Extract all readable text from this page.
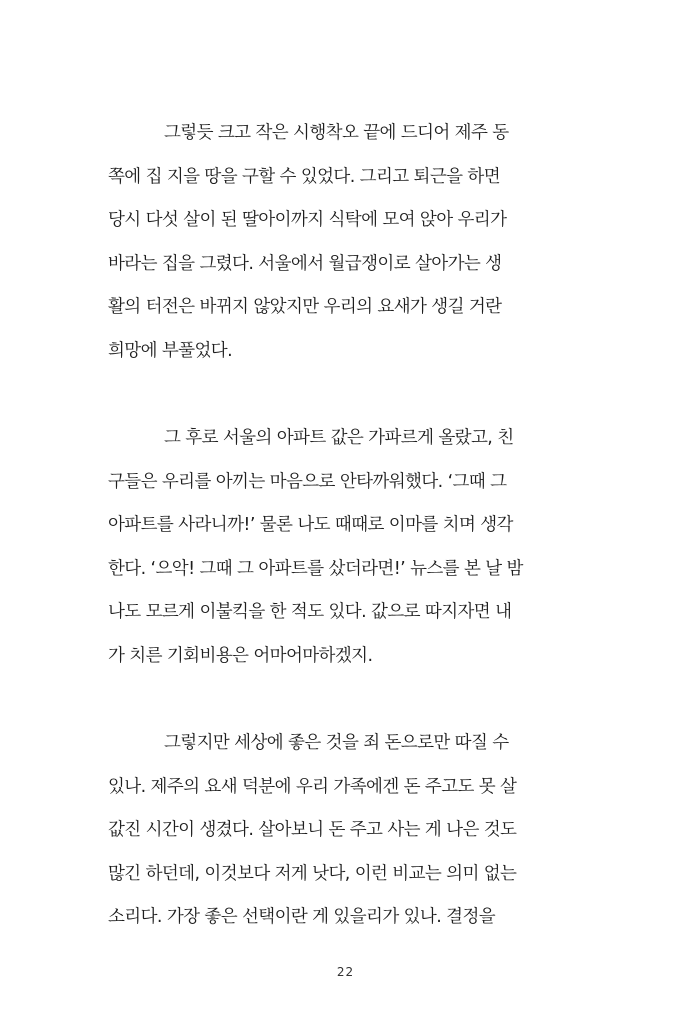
그렇듯 크고 작은 시행착오 끝에 드디어 제주 동
쪽에 집 지을 땅을 구할 수 있었다. 그리고 퇴근을 하면
당시 다섯 살이 된 딸아이까지 식탁에 모여 앉아 우리가
바라는 집을 그렸다. 서울에서 월급쟁이로 살아가는 생
활의 터전은 바뀌지 않았지만 우리의 요새가 생길 거란
희망에 부풀었다.
그 후로 서울의 아파트 값은 가파르게 올랐고, 친
구들은 우리를 아끼는 마음으로 안타까워했다. ‘그때 그
아파트를 사라니까!’ 물론 나도 때때로 이마를 치며 생각
한다. ‘으악! 그때 그 아파트를 샀더라면!’ 뉴스를 본 날 밤
나도 모르게 이불킥을 한 적도 있다. 값으로 따지자면 내
가 치른 기회비용은 어마어마하겠지.
그렇지만 세상에 좋은 것을 죄 돈으로만 따질 수
있나. 제주의 요새 덕분에 우리 가족에겐 돈 주고도 못 살
값진 시간이 생겼다. 살아보니 돈 주고 사는 게 나은 것도
많긴 하던데, 이것보다 저게 낫다, 이런 비교는 의미 없는
소리다. 가장 좋은 선택이란 게 있을리가 있나. 결정을
22
